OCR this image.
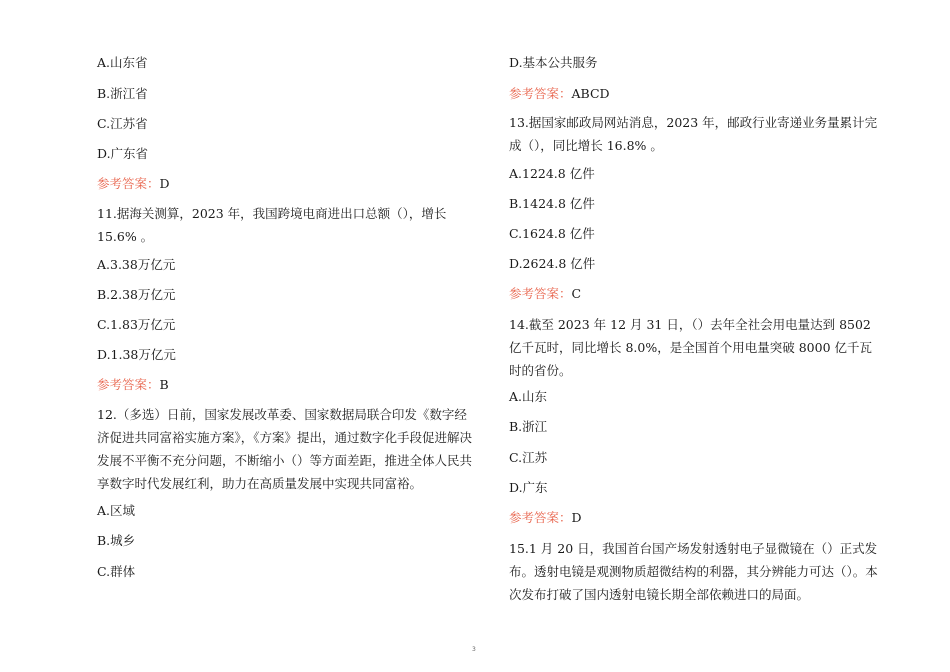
A.山东省
B.浙江省
C.江苏省
D.广东省
参考答案：D
11.据海关测算，2023 年，我国跨境电商进出口总额（），增长15.6% 。
A.3.38万亿元
B.2.38万亿元
C.1.83万亿元
D.1.38万亿元
参考答案：B
12.（多选）日前，国家发展改革委、国家数据局联合印发《数字经济促进共同富裕实施方案》，《方案》提出，通过数字化手段促进解决发展不平衡不充分问题，不断缩小（）等方面差距，推进全体人民共享数字时代发展红利，助力在高质量发展中实现共同富裕。
A.区域
B.城乡
C.群体
D.基本公共服务
参考答案：ABCD
13.据国家邮政局网站消息，2023 年，邮政行业寄递业务量累计完成（），同比增长 16.8% 。
A.1224.8 亿件
B.1424.8 亿件
C.1624.8 亿件
D.2624.8 亿件
参考答案：C
14.截至 2023 年 12 月 31 日，（）去年全社会用电量达到 8502 亿千瓦时，同比增长 8.0%，是全国首个用电量突破 8000 亿千瓦时的省份。
A.山东
B.浙江
C.江苏
D.广东
参考答案：D
15.1 月 20 日，我国首台国产场发射透射电子显微镜在（）正式发布。透射电镜是观测物质超微结构的利器，其分辨能力可达（）。本次发布打破了国内透射电镜长期全部依赖进口的局面。
3
